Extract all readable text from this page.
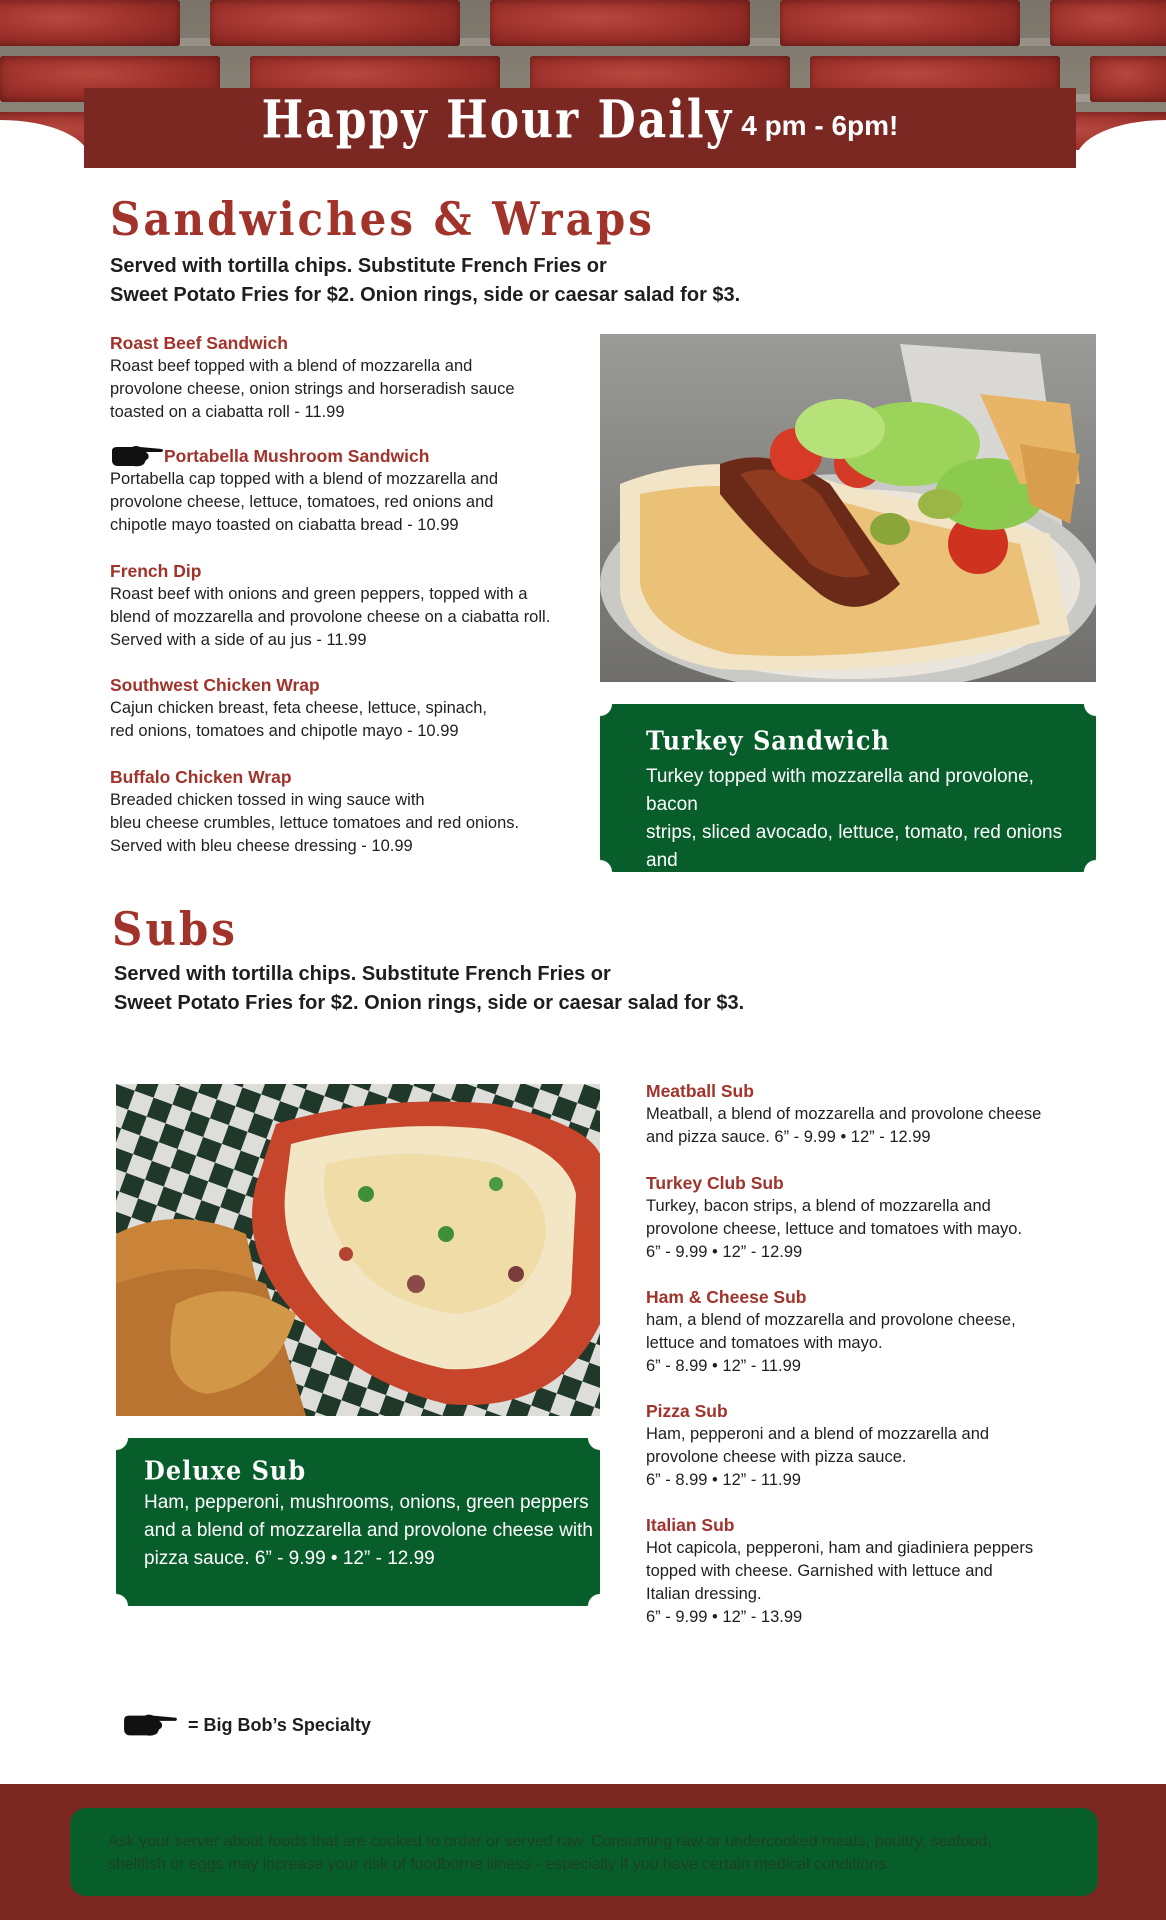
Happy Hour Daily 4 pm - 6pm!
Sandwiches & Wraps
Served with tortilla chips. Substitute French Fries or
Sweet Potato Fries for $2. Onion rings, side or caesar salad for $3.
Roast Beef Sandwich
Roast beef topped with a blend of mozzarella and
provolone cheese, onion strings and horseradish sauce
toasted on a ciabatta roll - 11.99
Portabella Mushroom Sandwich
Portabella cap topped with a blend of mozzarella and
provolone cheese, lettuce, tomatoes, red onions and
chipotle mayo toasted on ciabatta bread - 10.99
French Dip
Roast beef with onions and green peppers, topped with a
blend of mozzarella and provolone cheese on a ciabatta roll.
Served with a side of au jus - 11.99
Southwest Chicken Wrap
Cajun chicken breast, feta cheese, lettuce, spinach,
red onions, tomatoes and chipotle mayo - 10.99
Buffalo Chicken Wrap
Breaded chicken tossed in wing sauce with
bleu cheese crumbles, lettuce tomatoes and red onions.
Served with bleu cheese dressing - 10.99
Turkey Sandwich
Turkey topped with mozzarella and provolone, bacon
strips, sliced avocado, lettuce, tomato, red onions and
chipotle mayo, toasted on ciabatta bread - 12.99
Subs
Served with tortilla chips. Substitute French Fries or
Sweet Potato Fries for $2. Onion rings, side or caesar salad for $3.
Deluxe Sub
Ham, pepperoni, mushrooms, onions, green peppers
and a blend of mozzarella and provolone cheese with
pizza sauce. 6” - 9.99 • 12” - 12.99
Meatball Sub
Meatball, a blend of mozzarella and provolone cheese
and pizza sauce. 6” - 9.99 • 12” - 12.99
Turkey Club Sub
Turkey, bacon strips, a blend of mozzarella and
provolone cheese, lettuce and tomatoes with mayo.
6” - 9.99 • 12” - 12.99
Ham & Cheese Sub
ham, a blend of mozzarella and provolone cheese,
lettuce and tomatoes with mayo.
6” - 8.99 • 12” - 11.99
Pizza Sub
Ham, pepperoni and a blend of mozzarella and
provolone cheese with pizza sauce.
6” - 8.99 • 12” - 11.99
Italian Sub
Hot capicola, pepperoni, ham and giadiniera peppers
topped with cheese. Garnished with lettuce and
Italian dressing.
6” - 9.99 • 12” - 13.99
= Big Bob’s Specialty
Ask your server about foods that are cooked to order or served raw. Consuming raw or undercooked meats, poultry, seafood,
shellfish or eggs may increase your risk of foodborne illness - especially if you have certain medical conditions.
